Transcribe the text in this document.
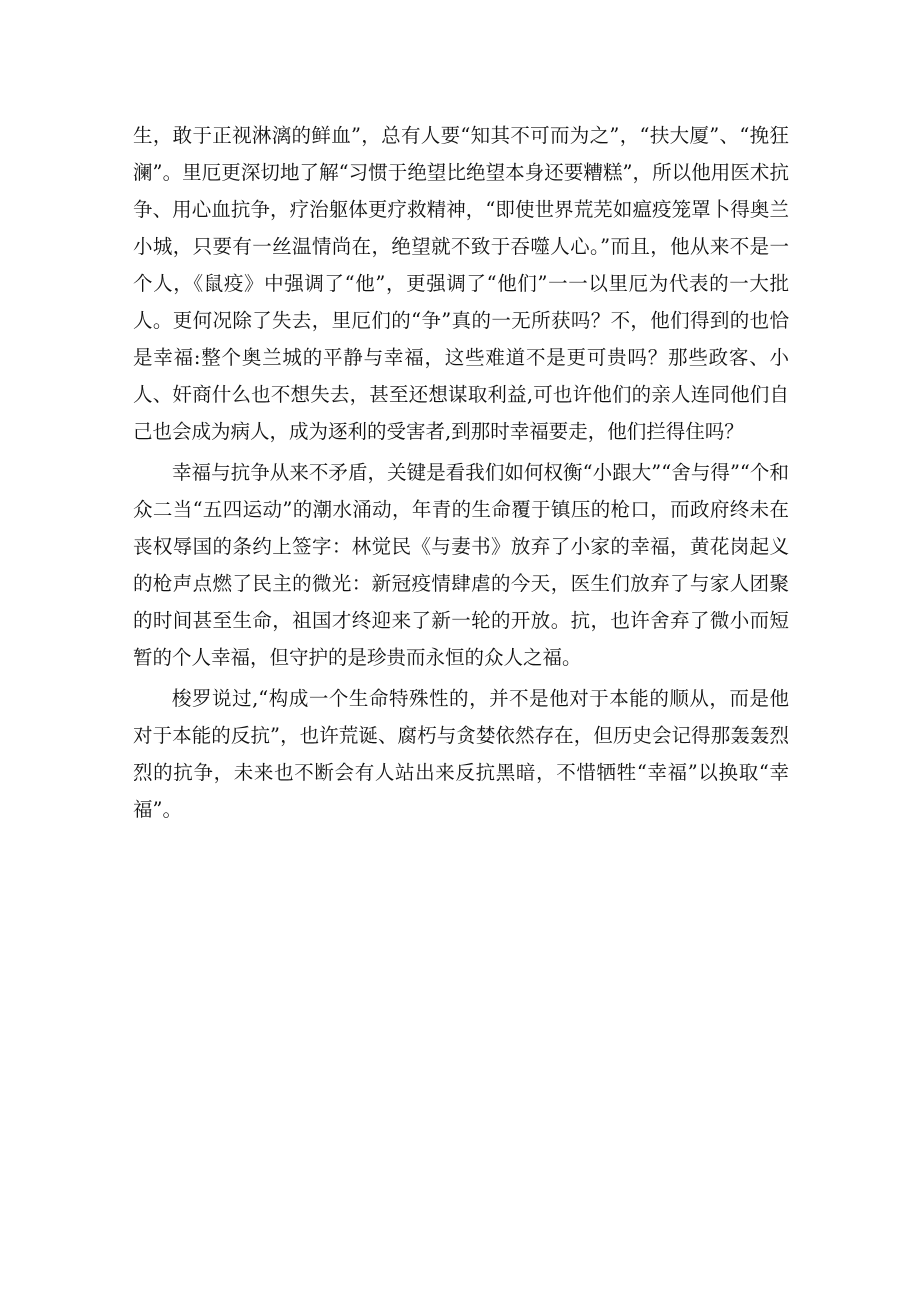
生，敢于正视淋漓的鲜血”，总有人要“知其不可而为之”，“扶大厦”、“挽狂澜”。里厄更深切地了解“习惯于绝望比绝望本身还要糟糕”，所以他用医术抗争、用心血抗争，疗治躯体更疗救精神，“即使世界荒芜如瘟疫笼罩卜得奥兰小城，只要有一丝温情尚在，绝望就不致于吞噬人心。”而且，他从来不是一个人，《鼠疫》中强调了“他”，更强调了“他们”一一以里厄为代表的一大批人。更何况除了失去，里厄们的“争”真的一无所获吗？不，他们得到的也恰是幸福:整个奥兰城的平静与幸福，这些难道不是更可贵吗？那些政客、小人、奸商什么也不想失去，甚至还想谋取利益,可也许他们的亲人连同他们自己也会成为病人，成为逐利的受害者,到那时幸福要走，他们拦得住吗？

幸福与抗争从来不矛盾，关键是看我们如何权衡“小跟大”“舍与得”“个和众二当“五四运动”的潮水涌动，年青的生命覆于镇压的枪口，而政府终未在丧权辱国的条约上签字：林觉民《与妻书》放弃了小家的幸福，黄花岗起义的枪声点燃了民主的微光：新冠疫情肆虐的今天，医生们放弃了与家人团聚的时间甚至生命，祖国才终迎来了新一轮的开放。抗，也许舍弃了微小而短暂的个人幸福，但守护的是珍贵而永恒的众人之福。

梭罗说过,“构成一个生命特殊性的，并不是他对于本能的顺从，而是他对于本能的反抗”，也许荒诞、腐朽与贪婪依然存在，但历史会记得那轰轰烈烈的抗争，未来也不断会有人站出来反抗黑暗，不惜牺牲“幸福”以换取“幸福”。
